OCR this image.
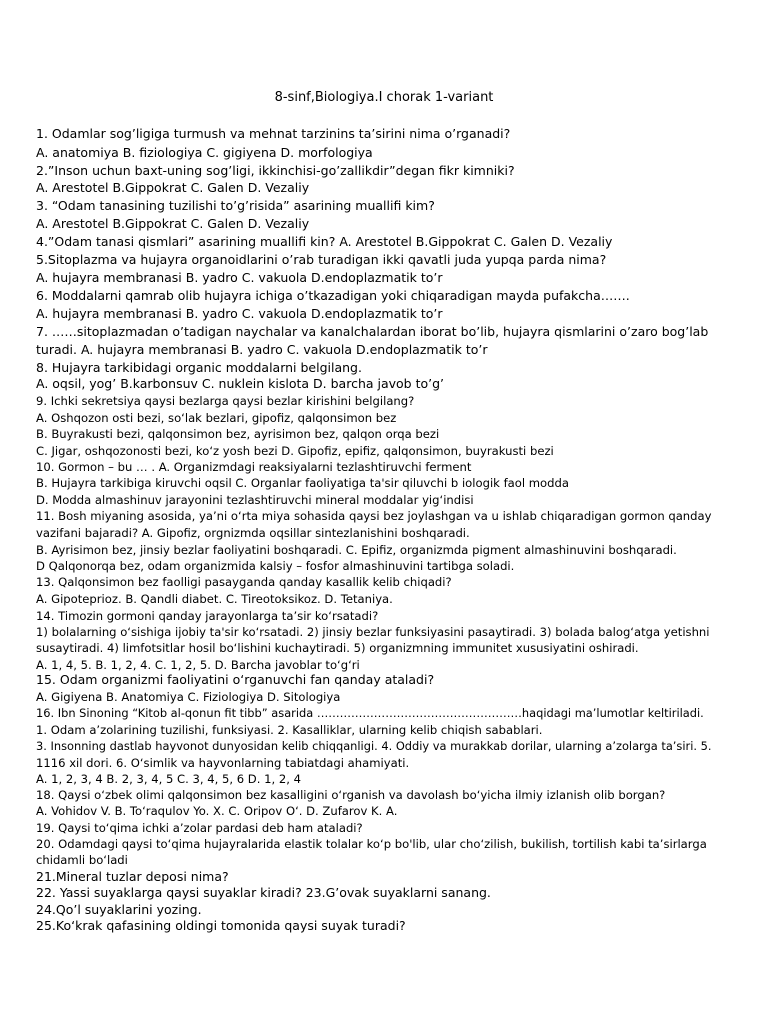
8-sinf,Biologiya.I chorak 1-variant
1. Odamlar sog’ligiga turmush va mehnat tarzinins ta’sirini nima o’rganadi?
A. anatomiya B. fiziologiya C. gigiyena D. morfologiya
2.”Inson uchun baxt-uning sog’ligi, ikkinchisi-go’zallikdir”degan fikr kimniki?
A. Arestotel B.Gippokrat C. Galen D. Vezaliy
3. “Odam tanasining tuzilishi to’g’risida” asarining muallifi kim?
A. Arestotel B.Gippokrat C. Galen D. Vezaliy
4.”Odam tanasi qismlari” asarining muallifi kin? A. Arestotel B.Gippokrat C. Galen D. Vezaliy
5.Sitoplazma va hujayra organoidlarini o’rab turadigan ikki qavatli juda yupqa parda nima?
A. hujayra membranasi B. yadro C. vakuola D.endoplazmatik to’r
6. Moddalarni qamrab olib hujayra ichiga o’tkazadigan yoki chiqaradigan mayda pufakcha…….
A. hujayra membranasi B. yadro C. vakuola D.endoplazmatik to’r
7. ……sitoplazmadan o’tadigan naychalar va kanalchalardan iborat bo’lib, hujayra qismlarini o’zaro bog’lab
turadi. A. hujayra membranasi B. yadro C. vakuola D.endoplazmatik to’r
8. Hujayra tarkibidagi organic moddalarni belgilang.
A. oqsil, yog’ B.karbonsuv C. nuklein kislota D. barcha javob to’g’
9. Ichki sekretsiya qaysi bezlarga qaysi bezlar kirishini belgilang?
A. Oshqozon osti bezi, so‘lak bezlari, gipofiz, qalqonsimon bez
B. Buyrakusti bezi, qalqonsimon bez, ayrisimon bez, qalqon orqa bezi
C. Jigar, oshqozonosti bezi, ko‘z yosh bezi D. Gipofiz, epifiz, qalqonsimon, buyrakusti bezi
10. Gormon – bu … . A. Organizmdagi reaksiyalarni tezlashtiruvchi ferment
B. Hujayra tarkibiga kiruvchi oqsil C. Organlar faoliyatiga ta'sir qiluvchi b iologik faol modda
D. Modda almashinuv jarayonini tezlashtiruvchi mineral moddalar yig‘indisi
11. Bosh miyaning asosida, ya’ni o‘rta miya sohasida qaysi bez joylashgan va u ishlab chiqaradigan gormon qanday
vazifani bajaradi? A. Gipofiz, orgnizmda oqsillar sintezlanishini boshqaradi.
B. Ayrisimon bez, jinsiy bezlar faoliyatini boshqaradi. C. Epifiz, organizmda pigment almashinuvini boshqaradi.
D Qalqonorqa bez, odam organizmida kalsiy – fosfor almashinuvini tartibga soladi.
13. Qalqonsimon bez faolligi pasayganda qanday kasallik kelib chiqadi?
A. Gipoteprioz. B. Qandli diabet. C. Tireotoksikoz. D. Tetaniya.
14. Timozin gormoni qanday jarayonlarga ta’sir ko‘rsatadi?
1) bolalarning o‘sishiga ijobiy ta'sir ko‘rsatadi. 2) jinsiy bezlar funksiyasini pasaytiradi. 3) bolada balog‘atga yetishni
susaytiradi. 4) limfotsitlar hosil bo‘lishini kuchaytiradi. 5) organizmning immunitet xususiyatini oshiradi.
A. 1, 4, 5. B. 1, 2, 4. C. 1, 2, 5. D. Barcha javoblar to‘g‘ri
15. Odam organizmi faoliyatini o‘rganuvchi fan qanday ataladi?
A. Gigiyena B. Anatomiya C. Fiziologiya D. Sitologiya
16. Ibn Sinoning “Kitob al-qonun fit tibb” asarida ………………………………………………haqidagi ma’lumotlar keltiriladi.
1. Odam a’zolarining tuzilishi, funksiyasi. 2. Kasalliklar, ularning kelib chiqish sabablari.
3. Insonning dastlab hayvonot dunyosidan kelib chiqqanligi. 4. Oddiy va murakkab dorilar, ularning a’zolarga ta’siri. 5.
1116 xil dori. 6. O‘simlik va hayvonlarning tabiatdagi ahamiyati.
A. 1, 2, 3, 4 B. 2, 3, 4, 5 C. 3, 4, 5, 6 D. 1, 2, 4
18. Qaysi o‘zbek olimi qalqonsimon bez kasalligini o‘rganish va davolash bo‘yicha ilmiy izlanish olib borgan?
A. Vohidov V. B. To‘raqulov Yo. X. C. Oripov O‘. D. Zufarov K. A.
19. Qaysi to‘qima ichki a’zolar pardasi deb ham ataladi?
20. Odamdagi qaysi to‘qima hujayralarida elastik tolalar ko‘p bo'lib, ular cho‘zilish, bukilish, tortilish kabi ta’sirlarga
chidamli bo‘ladi
21.Mineral tuzlar deposi nima?
22. Yassi suyaklarga qaysi suyaklar kiradi? 23.G’ovak suyaklarni sanang.
24.Qo’l suyaklarini yozing.
25.Ko‘krak qafasining oldingi tomonida qaysi suyak turadi?
